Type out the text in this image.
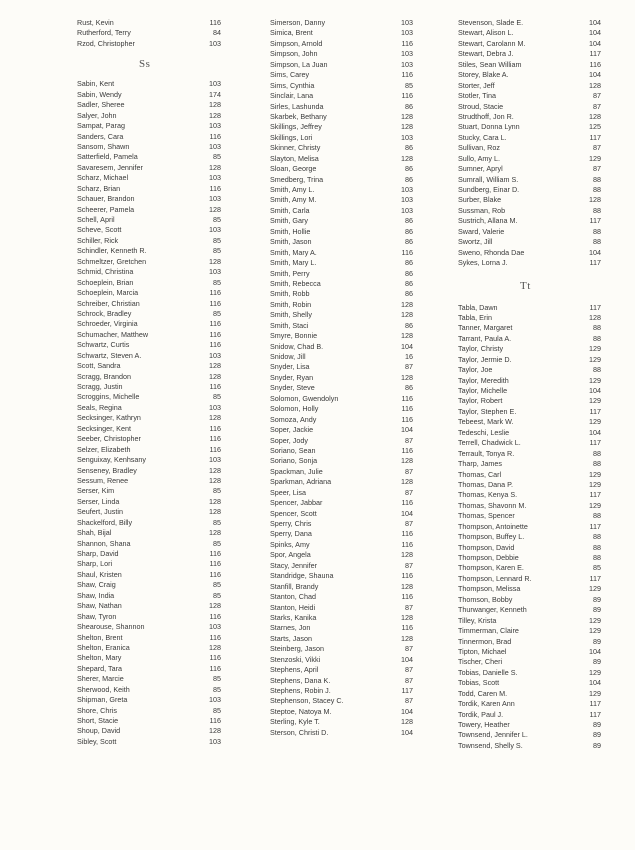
Rust, Kevin	116
Rutherford, Terry	84
Rzod, Christopher	103
Ss
Sabin, Kent	103
Sabin, Wendy	174
Sadler, Sheree	128
Salyer, John	128
Sampat, Parag	103
Sanders, Cara	116
Sansom, Shawn	103
Satterfield, Pamela	85
Savaresem, Jennifer	128
Scharz, Michael	103
Scharz, Brian	116
Schauer, Brandon	103
Scheerer, Pamela	128
Schell, April	85
Scheve, Scott	103
Schiller, Rick	85
Schindler, Kenneth R.	85
Schmeltzer, Gretchen	128
Schmid, Christina	103
Schoeplein, Brian	85
Schoeplein, Marcia	116
Schreiber, Christian	116
Schrock, Bradley	85
Schroeder, Virginia	116
Schumacher, Matthew	116
Schwartz, Curtis	116
Schwartz, Steven A.	103
Scott, Sandra	128
Scragg, Brandon	128
Scragg, Justin	116
Scroggins, Michelle	85
Seals, Regina	103
Secksinger, Kathryn	128
Secksinger, Kent	116
Seeber, Christopher	116
Selzer, Elizabeth	116
Senguixay, Kenhsany	103
Senseney, Bradley	128
Sessum, Renee	128
Serser, Kim	85
Serser, Linda	128
Seufert, Justin	128
Shackelford, Billy	85
Shah, Bijal	128
Shannon, Shana	85
Sharp, David	116
Sharp, Lori	116
Shaul, Kristen	116
Shaw, Craig	85
Shaw, India	85
Shaw, Nathan	128
Shaw, Tyron	116
Shearouse, Shannon	103
Shelton, Brent	116
Shelton, Eranica	128
Shelton, Mary	116
Shepard, Tara	116
Sherer, Marcie	85
Sherwood, Keith	85
Shipman, Greta	103
Shore, Chris	85
Short, Stacie	116
Shoup, David	128
Sibley, Scott	103
Simerson, Danny	103
Simica, Brent	103
Simpson, Arnold	116
Simpson, John	103
Simpson, La Juan	103
Sims, Carey	116
Sims, Cynthia	85
Sinclair, Lana	116
Sirles, Lashunda	86
Skarbek, Bethany	128
Skillings, Jeffrey	128
Skillings, Lori	103
Skinner, Christy	86
Slayton, Melisa	128
Sloan, George	86
Smedberg, Trina	86
Smith, Amy L.	103
Smith, Amy M.	103
Smith, Carla	103
Smith, Gary	86
Smith, Hollie	86
Smith, Jason	86
Smith, Mary A.	116
Smith, Mary L.	86
Smith, Perry	86
Smith, Rebecca	86
Smith, Robb	86
Smith, Robin	128
Smith, Shelly	128
Smith, Staci	86
Smyre, Bonnie	128
Snidow, Chad B.	104
Snidow, Jill	16
Snyder, Lisa	87
Snyder, Ryan	128
Snyder, Steve	86
Solomon, Gwendolyn	116
Solomon, Holly	116
Somoza, Andy	116
Soper, Jackie	104
Soper, Jody	87
Soriano, Sean	116
Soriano, Sonja	128
Spackman, Julie	87
Sparkman, Adriana	128
Speer, Lisa	87
Spencer, Jabbar	116
Spencer, Scott	104
Sperry, Chris	87
Sperry, Dana	116
Spinks, Amy	116
Spor, Angela	128
Stacy, Jennifer	87
Standridge, Shauna	116
Stanfill, Brandy	128
Stanton, Chad	116
Stanton, Heidi	87
Starks, Kanika	128
Starnes, Jon	116
Starts, Jason	128
Steinberg, Jason	87
Stenzoski, Vikki	104
Stephens, April	87
Stephens, Dana K.	87
Stephens, Robin J.	117
Stephenson, Stacey C.	87
Steptoe, Natoya M.	104
Sterling, Kyle T.	128
Sterson, Christi D.	104
Stevenson, Slade E.	104
Stewart, Alison L.	104
Stewart, Carolann M.	104
Stewart, Debra J.	117
Stiles, Sean William	116
Storey, Blake A.	104
Storter, Jeff	128
Stotler, Tina	87
Stroud, Stacie	87
Strudthoff, Jon R.	128
Stuart, Donna Lynn	125
Stucky, Cara L.	117
Sullivan, Roz	87
Sullo, Amy L.	129
Sumner, Apryl	87
Sumrall, William S.	88
Sundberg, Einar D.	88
Surber, Blake	128
Sussman, Rob	88
Sustrich, Allana M.	117
Sward, Valerie	88
Swortz, Jill	88
Sweno, Rhonda Dae	104
Sykes, Lorna J.	117
Tt
Tabla, Dawn	117
Tabla, Erin	128
Tanner, Margaret	88
Tarrant, Paula A.	88
Taylor, Christy	129
Taylor, Jermie D.	129
Taylor, Joe	88
Taylor, Meredith	129
Taylor, Michelle	104
Taylor, Robert	129
Taylor, Stephen E.	117
Tebeest, Mark W.	129
Tedeschi, Leslie	104
Terrell, Chadwick L.	117
Terrault, Tonya R.	88
Tharp, James	88
Thomas, Carl	129
Thomas, Dana P.	129
Thomas, Kenya S.	117
Thomas, Shavonn M.	129
Thomas, Spencer	88
Thompson, Antoinette	117
Thompson, Buffey L.	88
Thompson, David	88
Thompson, Debbie	88
Thompson, Karen E.	85
Thompson, Lennard R.	117
Thompson, Melissa	129
Thomson, Bobby	89
Thurwanger, Kenneth	89
Tilley, Krista	129
Timmerman, Claire	129
Tinnermon, Brad	89
Tipton, Michael	104
Tischer, Cheri	89
Tobias, Danielle S.	129
Tobias, Scott	104
Todd, Caren M.	129
Tordik, Karen Ann	117
Tordik, Paul J.	117
Towery, Heather	89
Townsend, Jennifer L.	89
Townsend, Shelly S.	89
